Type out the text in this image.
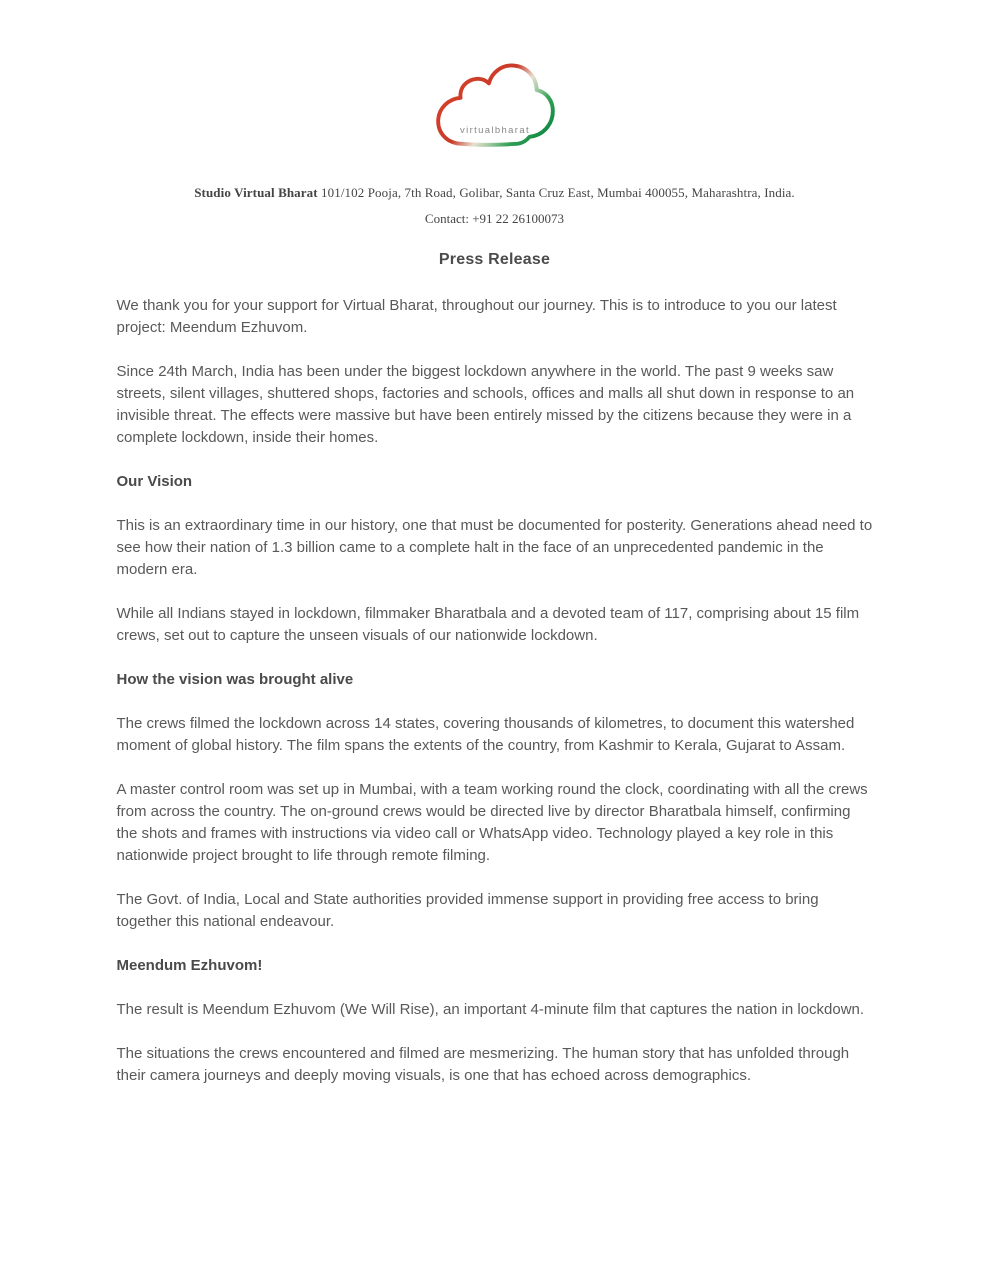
virtualbharat

Studio Virtual Bharat 101/102 Pooja, 7th Road, Golibar, Santa Cruz East, Mumbai 400055, Maharashtra, India.

Contact: +91 22 26100073

Press Release

We thank you for your support for Virtual Bharat, throughout our journey. This is to introduce to you our latest project: Meendum Ezhuvom.

Since 24th March, India has been under the biggest lockdown anywhere in the world. The past 9 weeks saw streets, silent villages, shuttered shops, factories and schools, offices and malls all shut down in response to an invisible threat. The effects were massive but have been entirely missed by the citizens because they were in a complete lockdown, inside their homes.

Our Vision

This is an extraordinary time in our history, one that must be documented for posterity. Generations ahead need to see how their nation of 1.3 billion came to a complete halt in the face of an unprecedented pandemic in the modern era.

While all Indians stayed in lockdown, filmmaker Bharatbala and a devoted team of 117, comprising about 15 film crews, set out to capture the unseen visuals of our nationwide lockdown.

How the vision was brought alive

The crews filmed the lockdown across 14 states, covering thousands of kilometres, to document this watershed moment of global history. The film spans the extents of the country, from Kashmir to Kerala, Gujarat to Assam.

A master control room was set up in Mumbai, with a team working round the clock, coordinating with all the crews from across the country. The on-ground crews would be directed live by director Bharatbala himself, confirming the shots and frames with instructions via video call or WhatsApp video. Technology played a key role in this nationwide project brought to life through remote filming.

The Govt. of India, Local and State authorities provided immense support in providing free access to bring together this national endeavour.

Meendum Ezhuvom!

The result is Meendum Ezhuvom (We Will Rise), an important 4-minute film that captures the nation in lockdown.

The situations the crews encountered and filmed are mesmerizing. The human story that has unfolded through their camera journeys and deeply moving visuals, is one that has echoed across demographics.
